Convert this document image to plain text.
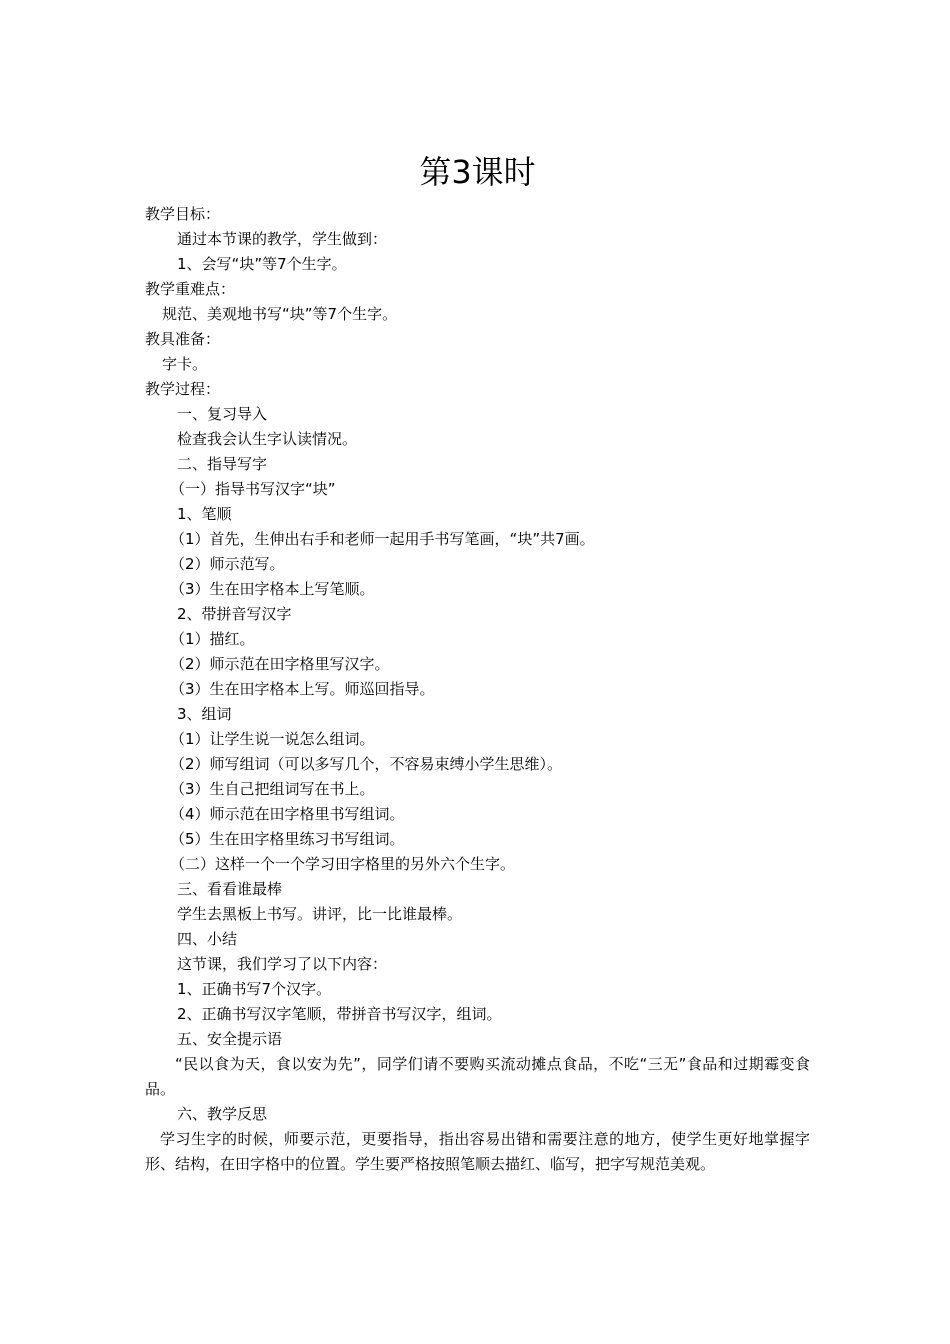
第3课时
教学目标：
通过本节课的教学，学生做到：
1、会写“块”等7个生字。
教学重难点：
规范、美观地书写“块”等7个生字。
教具准备：
字卡。
教学过程：
一、复习导入
检查我会认生字认读情况。
二、指导写字
（一）指导书写汉字“块”
1、笔顺
（1）首先，生伸出右手和老师一起用手书写笔画，“块”共7画。
（2）师示范写。
（3）生在田字格本上写笔顺。
2、带拼音写汉字
（1）描红。
（2）师示范在田字格里写汉字。
（3）生在田字格本上写。师巡回指导。
3、组词
（1）让学生说一说怎么组词。
（2）师写组词（可以多写几个，不容易束缚小学生思维）。
（3）生自己把组词写在书上。
（4）师示范在田字格里书写组词。
（5）生在田字格里练习书写组词。
（二）这样一个一个学习田字格里的另外六个生字。
三、看看谁最棒
学生去黑板上书写。讲评，比一比谁最棒。
四、小结
这节课，我们学习了以下内容：
1、正确书写7个汉字。
2、正确书写汉字笔顺，带拼音书写汉字，组词。
五、安全提示语
“民以食为天，食以安为先”，同学们请不要购买流动摊点食品，不吃“三无”食品和过期霉变食品。
六、教学反思
学习生字的时候，师要示范，更要指导，指出容易出错和需要注意的地方，使学生更好地掌握字形、结构，在田字格中的位置。学生要严格按照笔顺去描红、临写，把字写规范美观。
